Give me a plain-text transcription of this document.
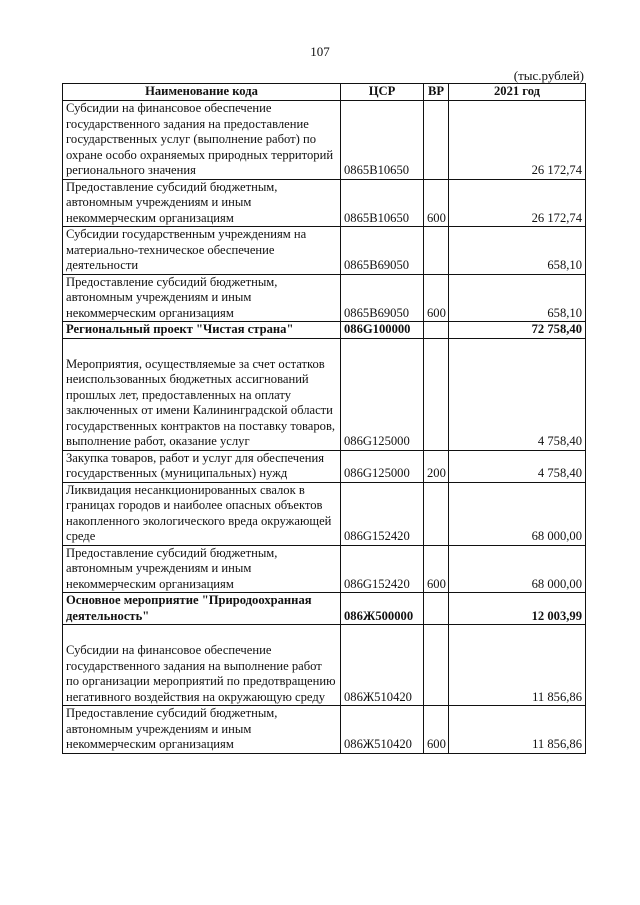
107
(тыс.рублей)
Наименование кода	ЦСР	ВР	2021 год
Субсидии на финансовое обеспечение государственного задания на предоставление государственных услуг (выполнение работ) по охране особо охраняемых природных территорий регионального значения	0865B10650		26 172,74
Предоставление субсидий бюджетным, автономным учреждениям и иным некоммерческим организациям	0865B10650	600	26 172,74
Субсидии государственным учреждениям на материально-техническое обеспечение деятельности	0865B69050		658,10
Предоставление субсидий бюджетным, автономным учреждениям и иным некоммерческим организациям	0865B69050	600	658,10
Региональный проект "Чистая страна"	086G100000		72 758,40
Мероприятия, осуществляемые за счет остатков неиспользованных бюджетных ассигнований прошлых лет, предоставленных на оплату заключенных от имени Калининградской области государственных контрактов на поставку товаров, выполнение работ, оказание услуг	086G125000		4 758,40
Закупка товаров, работ и услуг для обеспечения государственных (муниципальных) нужд	086G125000	200	4 758,40
Ликвидация несанкционированных свалок в границах городов и наиболее опасных объектов накопленного экологического вреда окружающей среде	086G152420		68 000,00
Предоставление субсидий бюджетным, автономным учреждениям и иным некоммерческим организациям	086G152420	600	68 000,00
Основное мероприятие "Природоохранная деятельность"	086Ж500000		12 003,99
Субсидии на финансовое обеспечение государственного задания на выполнение работ по организации мероприятий по предотвращению негативного воздействия на окружающую среду	086Ж510420		11 856,86
Предоставление субсидий бюджетным, автономным учреждениям и иным некоммерческим организациям	086Ж510420	600	11 856,86
